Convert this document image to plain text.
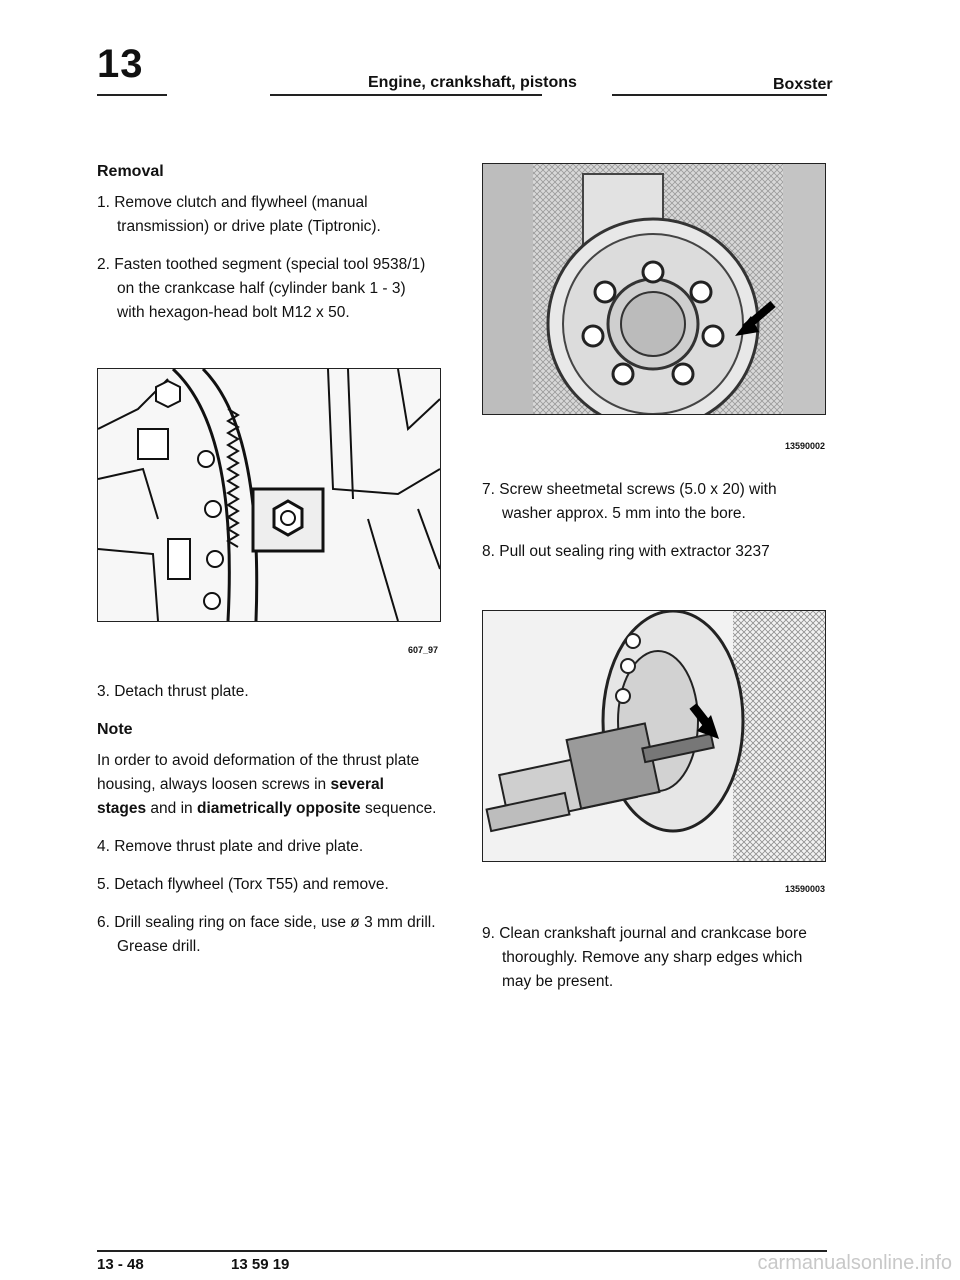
13	Engine, crankshaft, pistons	Boxster
Removal
1. Remove clutch and flywheel (manual transmission) or drive plate (Tiptronic).
2. Fasten toothed segment (special tool 9538/1) on the crankcase half (cylinder bank 1 - 3) with hexagon-head bolt M12 x 50.
607_97
3. Detach thrust plate.
Note
In order to avoid deformation of the thrust plate housing, always loosen screws in several stages and in diametrically opposite sequence.
4. Remove thrust plate and drive plate.
5. Detach flywheel (Torx T55) and remove.
6. Drill sealing ring on face side, use ø 3 mm drill. Grease drill.
13590002
7. Screw sheetmetal screws (5.0 x 20) with washer approx. 5 mm into the bore.
8. Pull out sealing ring with extractor 3237
13590003
9. Clean crankshaft journal and crankcase bore thoroughly. Remove any sharp edges which may be present.
13 - 48	13 59 19	carmanualsonline.info
